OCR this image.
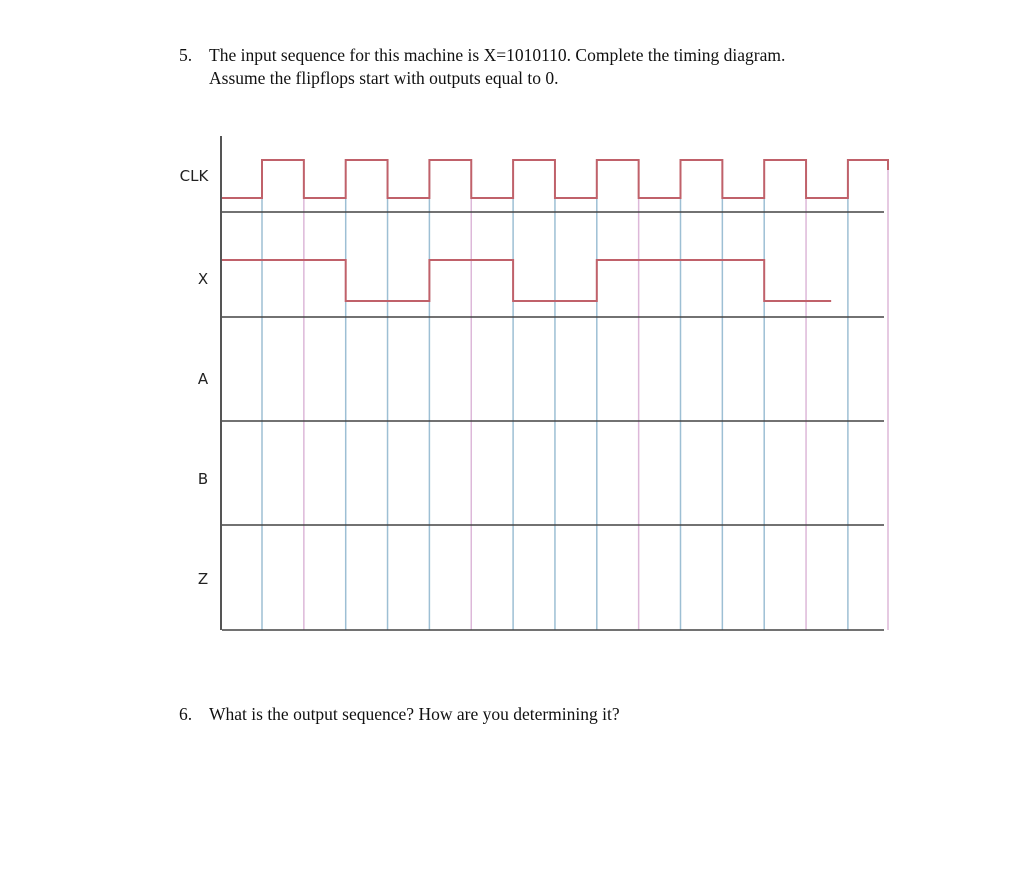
5. The input sequence for this machine is X=1010110. Complete the timing diagram.
Assume the flipflops start with outputs equal to 0.
CLK
X
A
B
Z
6. What is the output sequence? How are you determining it?
